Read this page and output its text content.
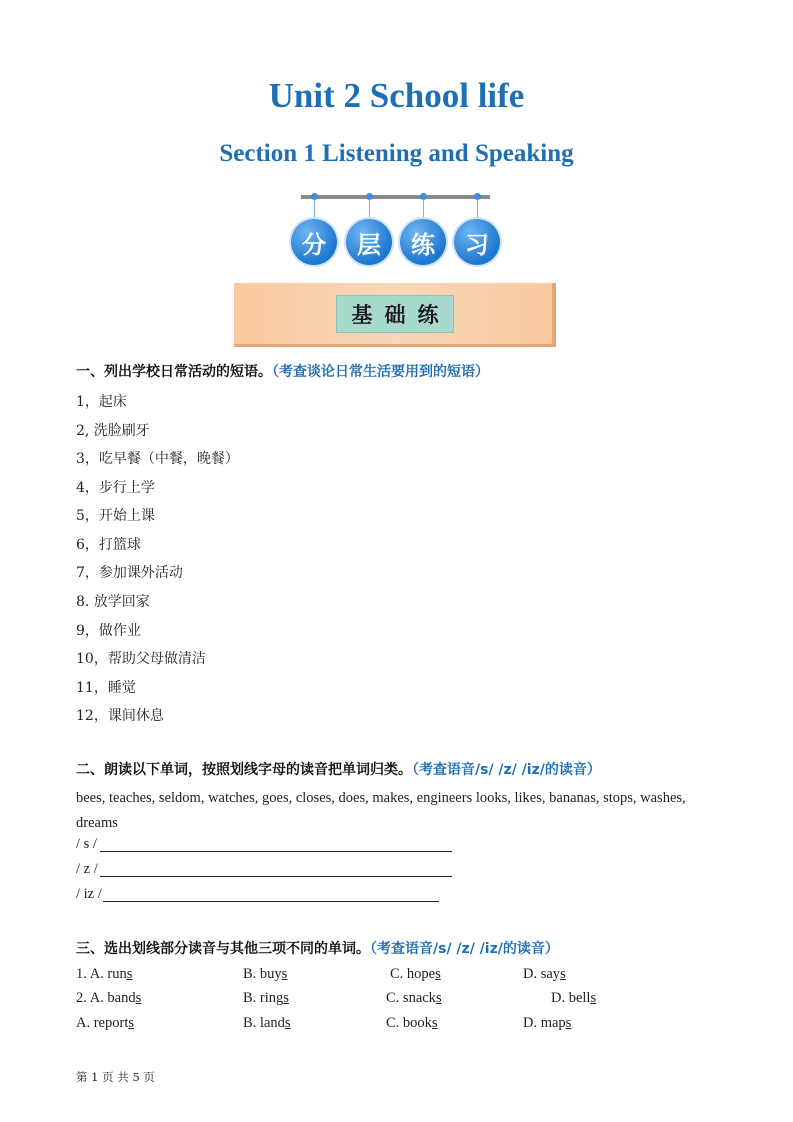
Unit 2 School life
Section 1 Listening and Speaking
分	层	练	习
基础练
一、列出学校日常活动的短语。（考查谈论日常生活要用到的短语）
1，起床
2, 洗脸刷牙
3，吃早餐（中餐，晚餐）
4，步行上学
5，开始上课
6，打篮球
7，参加课外活动
8. 放学回家
9，做作业
10，帮助父母做清洁
11，睡觉
12，课间休息
二、朗读以下单词，按照划线字母的读音把单词归类。（考查语音/s/ /z/ /iz/的读音）
bees, teaches, seldom, watches, goes, closes, does, makes, engineers looks, likes, bananas, stops, washes, dreams
/ s /
/ z /
/ iz /
三、选出划线部分读音与其他三项不同的单词。（考查语音/s/ /z/ /iz/的读音）
1. A. runs	B. buys	C. hopes	D. says
2. A. bands	B. rings	C. snacks	D. bells
A. reports	B. lands	C. books	D. maps
第 1 页 共 5 页
